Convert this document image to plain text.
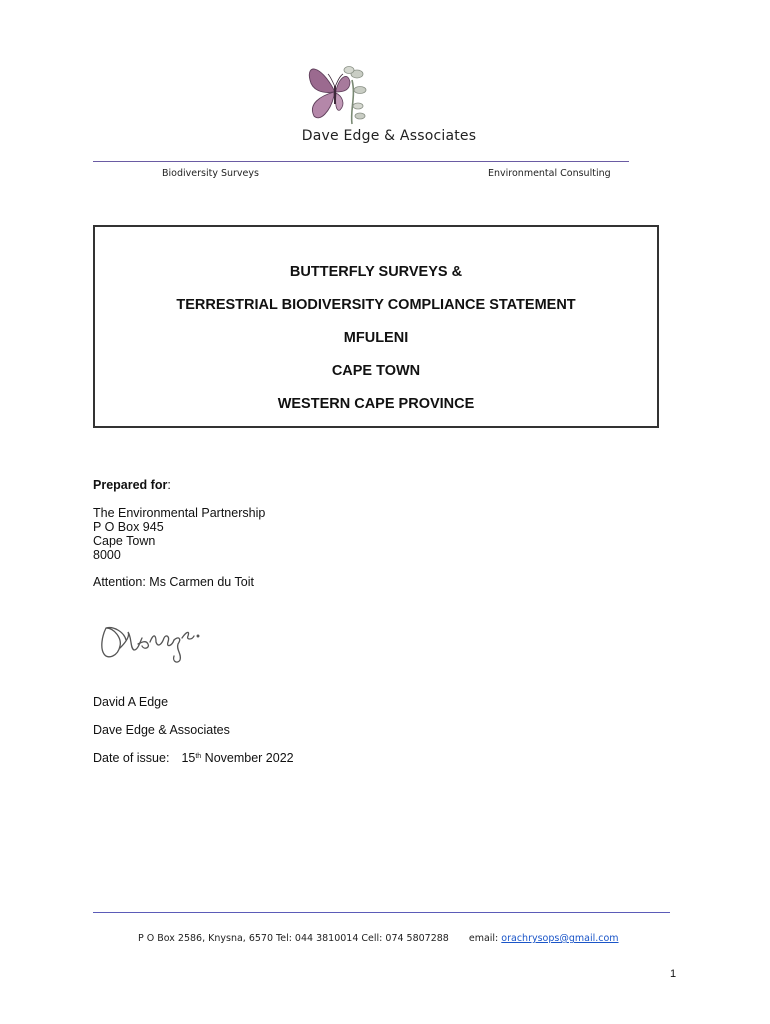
Dave Edge & Associates
Biodiversity Surveys	Environmental Consulting
BUTTERFLY SURVEYS &
TERRESTRIAL BIODIVERSITY COMPLIANCE STATEMENT
MFULENI
CAPE TOWN
WESTERN CAPE PROVINCE
Prepared for:
The Environmental Partnership
P O Box 945
Cape Town
8000
Attention: Ms Carmen du Toit
David A Edge
Dave Edge & Associates
Date of issue: 15th November 2022
P O Box 2586, Knysna, 6570 Tel: 044 3810014 Cell: 074 5807288 email: orachrysops@gmail.com
1
